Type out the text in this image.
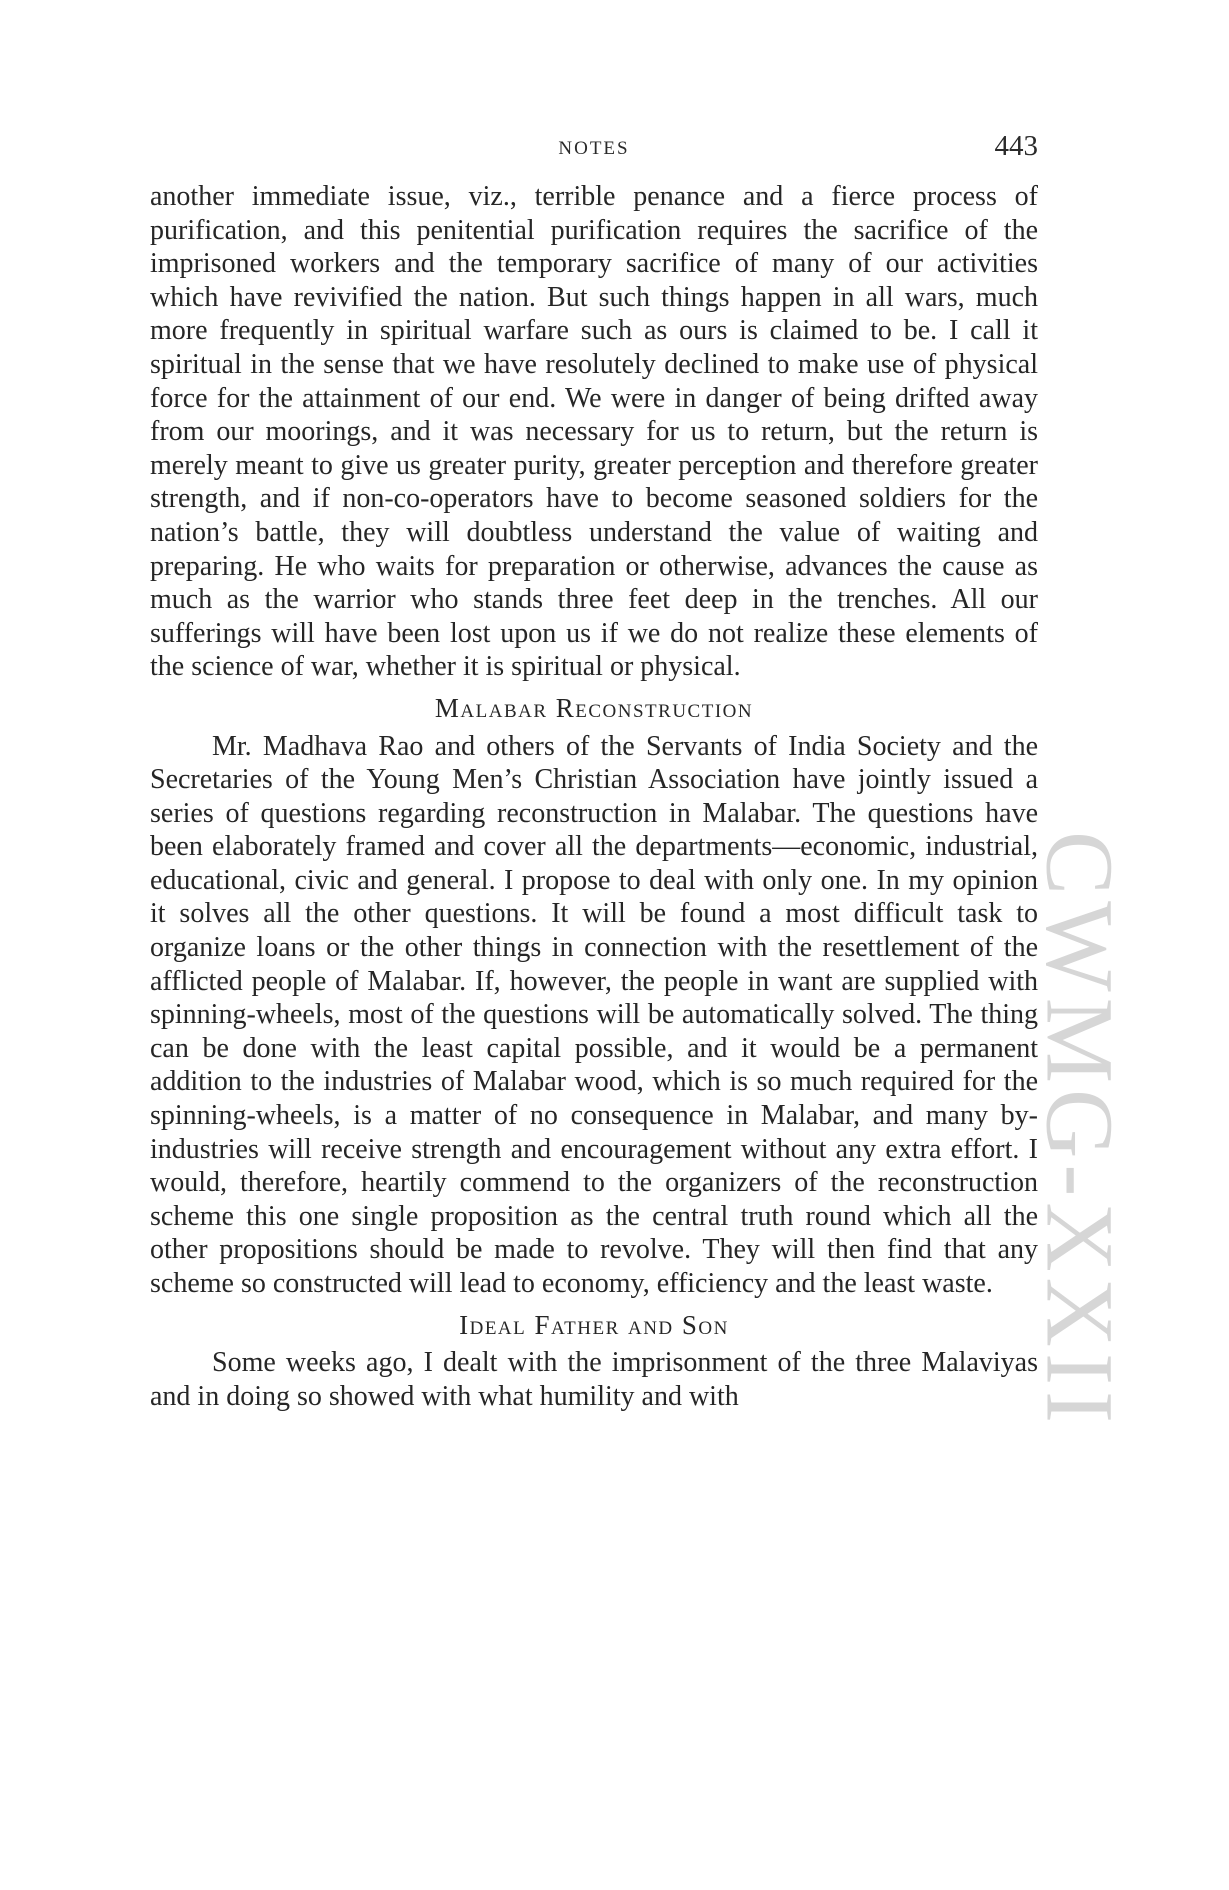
NOTES	443

another immediate issue, viz., terrible penance and a fierce process of purification, and this penitential purification requires the sacrifice of the imprisoned workers and the temporary sacrifice of many of our activities which have revivified the nation. But such things happen in all wars, much more frequently in spiritual warfare such as ours is claimed to be. I call it spiritual in the sense that we have resolutely declined to make use of physical force for the attainment of our end. We were in danger of being drifted away from our moorings, and it was necessary for us to return, but the return is merely meant to give us greater purity, greater perception and therefore greater strength, and if non-co-operators have to become seasoned soldiers for the nation’s battle, they will doubtless understand the value of waiting and preparing. He who waits for preparation or otherwise, advances the cause as much as the warrior who stands three feet deep in the trenches. All our sufferings will have been lost upon us if we do not realize these elements of the science of war, whether it is spiritual or physical.

Malabar Reconstruction

Mr. Madhava Rao and others of the Servants of India Society and the Secretaries of the Young Men’s Christian Association have jointly issued a series of questions regarding reconstruction in Malabar. The questions have been elaborately framed and cover all the departments—economic, industrial, educational, civic and general. I propose to deal with only one. In my opinion it solves all the other questions. It will be found a most difficult task to organize loans or the other things in connection with the resettlement of the afflicted people of Malabar. If, however, the people in want are supplied with spinning-wheels, most of the questions will be automatically solved. The thing can be done with the least capital possible, and it would be a permanent addition to the industries of Malabar wood, which is so much required for the spinning-wheels, is a matter of no consequence in Malabar, and many by-industries will receive strength and encouragement without any extra effort. I would, therefore, heartily commend to the organizers of the reconstruction scheme this one single proposition as the central truth round which all the other propositions should be made to revolve. They will then find that any scheme so constructed will lead to economy, efficiency and the least waste.

Ideal Father and Son

Some weeks ago, I dealt with the imprisonment of the three Malaviyas and in doing so showed with what humility and with	CWMG-XXII
